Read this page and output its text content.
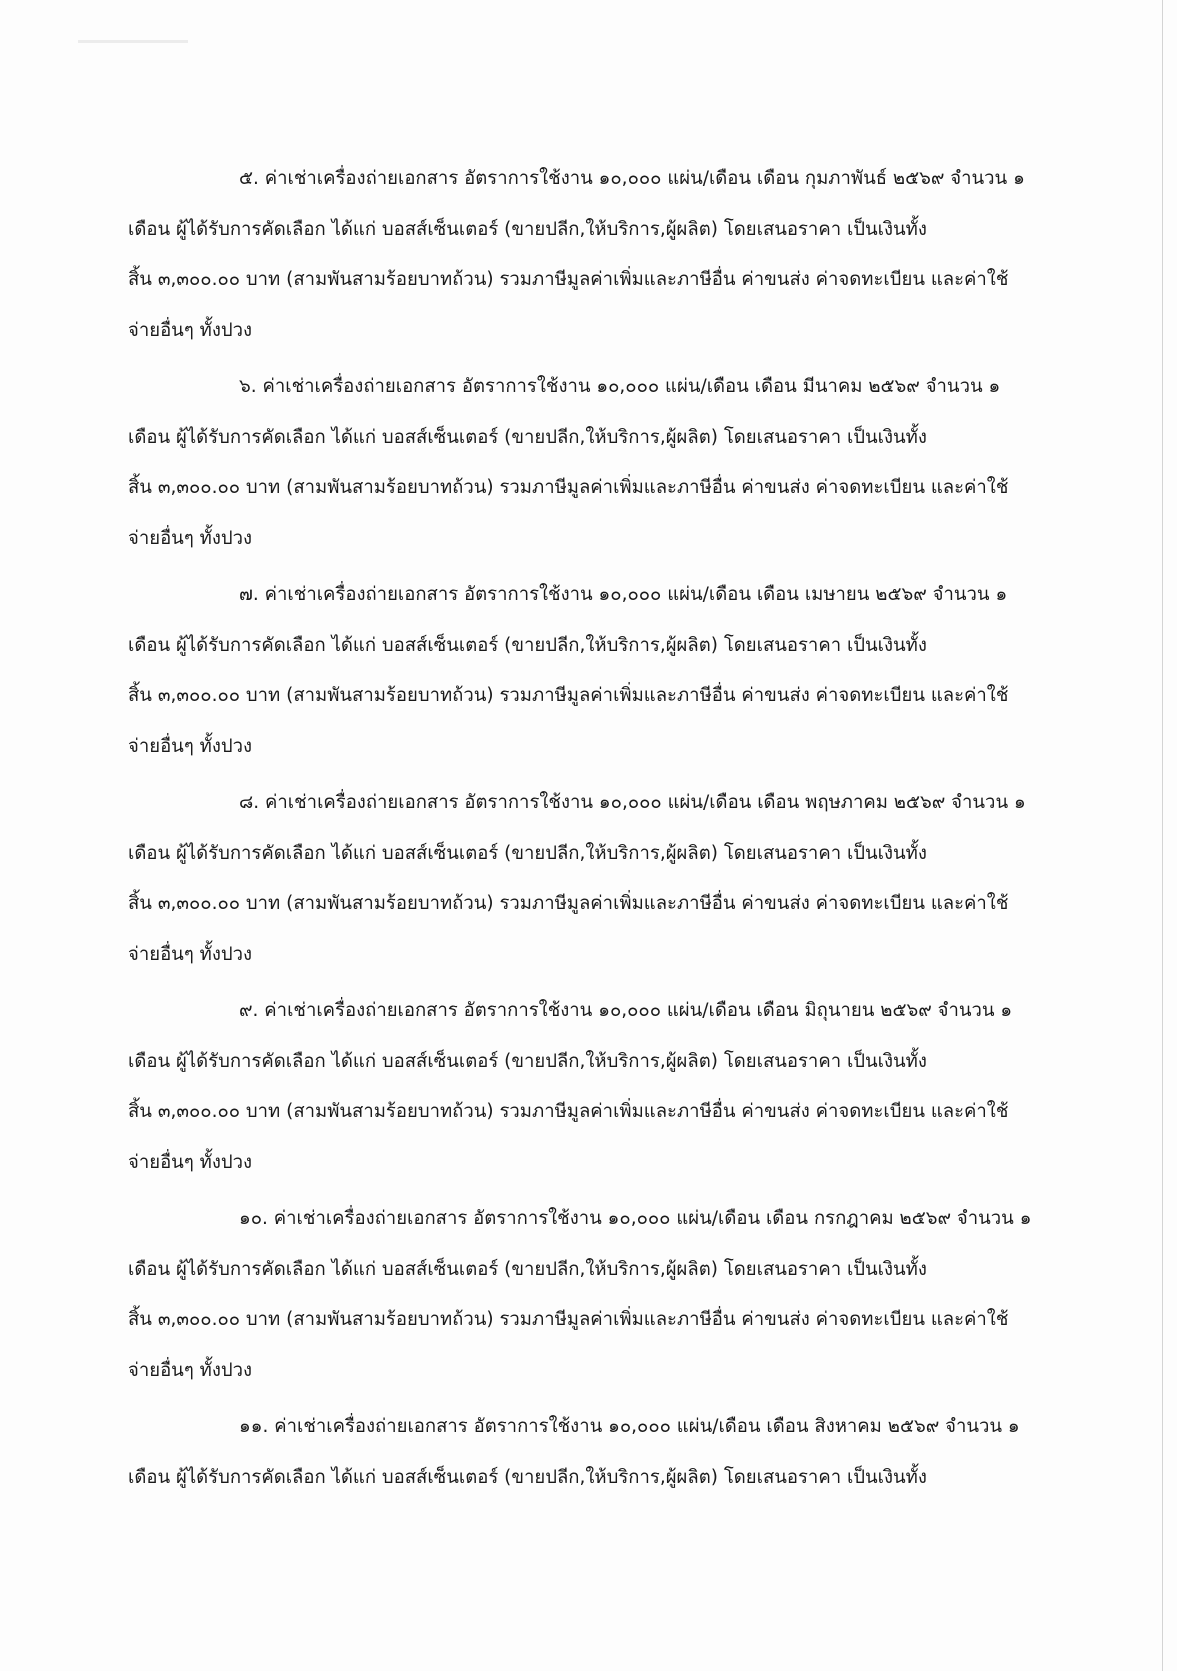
๕. ค่าเช่าเครื่องถ่ายเอกสาร อัตราการใช้งาน ๑๐,๐๐๐ แผ่น/เดือน เดือน กุมภาพันธ์ ๒๕๖๙ จำนวน ๑
เดือน ผู้ได้รับการคัดเลือก ได้แก่ บอสส์เซ็นเตอร์ (ขายปลีก,ให้บริการ,ผู้ผลิต) โดยเสนอราคา เป็นเงินทั้ง
สิ้น ๓,๓๐๐.๐๐ บาท (สามพันสามร้อยบาทถ้วน) รวมภาษีมูลค่าเพิ่มและภาษีอื่น ค่าขนส่ง ค่าจดทะเบียน และค่าใช้
จ่ายอื่นๆ ทั้งปวง
๖. ค่าเช่าเครื่องถ่ายเอกสาร อัตราการใช้งาน ๑๐,๐๐๐ แผ่น/เดือน เดือน มีนาคม ๒๕๖๙ จำนวน ๑
เดือน ผู้ได้รับการคัดเลือก ได้แก่ บอสส์เซ็นเตอร์ (ขายปลีก,ให้บริการ,ผู้ผลิต) โดยเสนอราคา เป็นเงินทั้ง
สิ้น ๓,๓๐๐.๐๐ บาท (สามพันสามร้อยบาทถ้วน) รวมภาษีมูลค่าเพิ่มและภาษีอื่น ค่าขนส่ง ค่าจดทะเบียน และค่าใช้
จ่ายอื่นๆ ทั้งปวง
๗. ค่าเช่าเครื่องถ่ายเอกสาร อัตราการใช้งาน ๑๐,๐๐๐ แผ่น/เดือน เดือน เมษายน ๒๕๖๙ จำนวน ๑
เดือน ผู้ได้รับการคัดเลือก ได้แก่ บอสส์เซ็นเตอร์ (ขายปลีก,ให้บริการ,ผู้ผลิต) โดยเสนอราคา เป็นเงินทั้ง
สิ้น ๓,๓๐๐.๐๐ บาท (สามพันสามร้อยบาทถ้วน) รวมภาษีมูลค่าเพิ่มและภาษีอื่น ค่าขนส่ง ค่าจดทะเบียน และค่าใช้
จ่ายอื่นๆ ทั้งปวง
๘. ค่าเช่าเครื่องถ่ายเอกสาร อัตราการใช้งาน ๑๐,๐๐๐ แผ่น/เดือน เดือน พฤษภาคม ๒๕๖๙ จำนวน ๑
เดือน ผู้ได้รับการคัดเลือก ได้แก่ บอสส์เซ็นเตอร์ (ขายปลีก,ให้บริการ,ผู้ผลิต) โดยเสนอราคา เป็นเงินทั้ง
สิ้น ๓,๓๐๐.๐๐ บาท (สามพันสามร้อยบาทถ้วน) รวมภาษีมูลค่าเพิ่มและภาษีอื่น ค่าขนส่ง ค่าจดทะเบียน และค่าใช้
จ่ายอื่นๆ ทั้งปวง
๙. ค่าเช่าเครื่องถ่ายเอกสาร อัตราการใช้งาน ๑๐,๐๐๐ แผ่น/เดือน เดือน มิถุนายน ๒๕๖๙ จำนวน ๑
เดือน ผู้ได้รับการคัดเลือก ได้แก่ บอสส์เซ็นเตอร์ (ขายปลีก,ให้บริการ,ผู้ผลิต) โดยเสนอราคา เป็นเงินทั้ง
สิ้น ๓,๓๐๐.๐๐ บาท (สามพันสามร้อยบาทถ้วน) รวมภาษีมูลค่าเพิ่มและภาษีอื่น ค่าขนส่ง ค่าจดทะเบียน และค่าใช้
จ่ายอื่นๆ ทั้งปวง
๑๐. ค่าเช่าเครื่องถ่ายเอกสาร อัตราการใช้งาน ๑๐,๐๐๐ แผ่น/เดือน เดือน กรกฎาคม ๒๕๖๙ จำนวน ๑
เดือน ผู้ได้รับการคัดเลือก ได้แก่ บอสส์เซ็นเตอร์ (ขายปลีก,ให้บริการ,ผู้ผลิต) โดยเสนอราคา เป็นเงินทั้ง
สิ้น ๓,๓๐๐.๐๐ บาท (สามพันสามร้อยบาทถ้วน) รวมภาษีมูลค่าเพิ่มและภาษีอื่น ค่าขนส่ง ค่าจดทะเบียน และค่าใช้
จ่ายอื่นๆ ทั้งปวง
๑๑. ค่าเช่าเครื่องถ่ายเอกสาร อัตราการใช้งาน ๑๐,๐๐๐ แผ่น/เดือน เดือน สิงหาคม ๒๕๖๙ จำนวน ๑
เดือน ผู้ได้รับการคัดเลือก ได้แก่ บอสส์เซ็นเตอร์ (ขายปลีก,ให้บริการ,ผู้ผลิต) โดยเสนอราคา เป็นเงินทั้ง
